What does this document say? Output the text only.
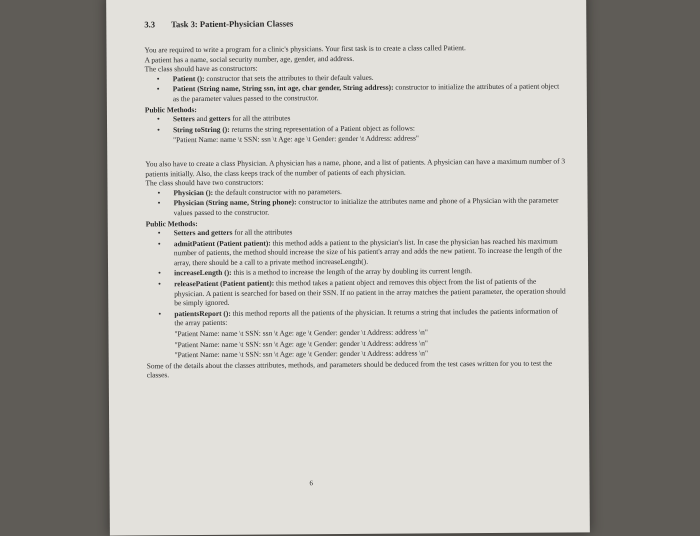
3.3 Task 3: Patient-Physician Classes

You are required to write a program for a clinic's physicians. Your first task is to create a class called Patient.

A patient has a name, social security number, age, gender, and address.

The class should have as constructors:

• Patient (): constructor that sets the attributes to their default values.
• Patient (String name, String ssn, int age, char gender, String address): constructor to initialize the attributes of a patient object as the parameter values passed to the constructor.
Public Methods:
• Setters and getters for all the attributes
• String toString (): returns the string representation of a Patient object as follows:
"Patient Name: name \t SSN: ssn \t Age: age \t Gender: gender \t Address: address"

You also have to create a class Physician. A physician has a name, phone, and a list of patients. A physician can have a maximum number of 3 patients initially. Also, the class keeps track of the number of patients of each physician.

The class should have two constructors:

• Physician (): the default constructor with no parameters.
• Physician (String name, String phone): constructor to initialize the attributes name and phone of a Physician with the parameter values passed to the constructor.
Public Methods:
• Setters and getters for all the attributes
• admitPatient (Patient patient): this method adds a patient to the physician's list. In case the physician has reached his maximum number of patients, the method should increase the size of his patient's array and adds the new patient. To increase the length of the array, there should be a call to a private method increaseLength().
• increaseLength (): this is a method to increase the length of the array by doubling its current length.
• releasePatient (Patient patient): this method takes a patient object and removes this object from the list of patients of the physician. A patient is searched for based on their SSN. If no patient in the array matches the patient parameter, the operation should be simply ignored.
• patientsReport (): this method reports all the patients of the physician. It returns a string that includes the patients information of the array patients:
"Patient Name: name \t SSN: ssn \t Age: age \t Gender: gender \t Address: address \n"
"Patient Name: name \t SSN: ssn \t Age: age \t Gender: gender \t Address: address \n"
"Patient Name: name \t SSN: ssn \t Age: age \t Gender: gender \t Address: address \n"

Some of the details about the classes attributes, methods, and parameters should be deduced from the test cases written for you to test the classes.

6
